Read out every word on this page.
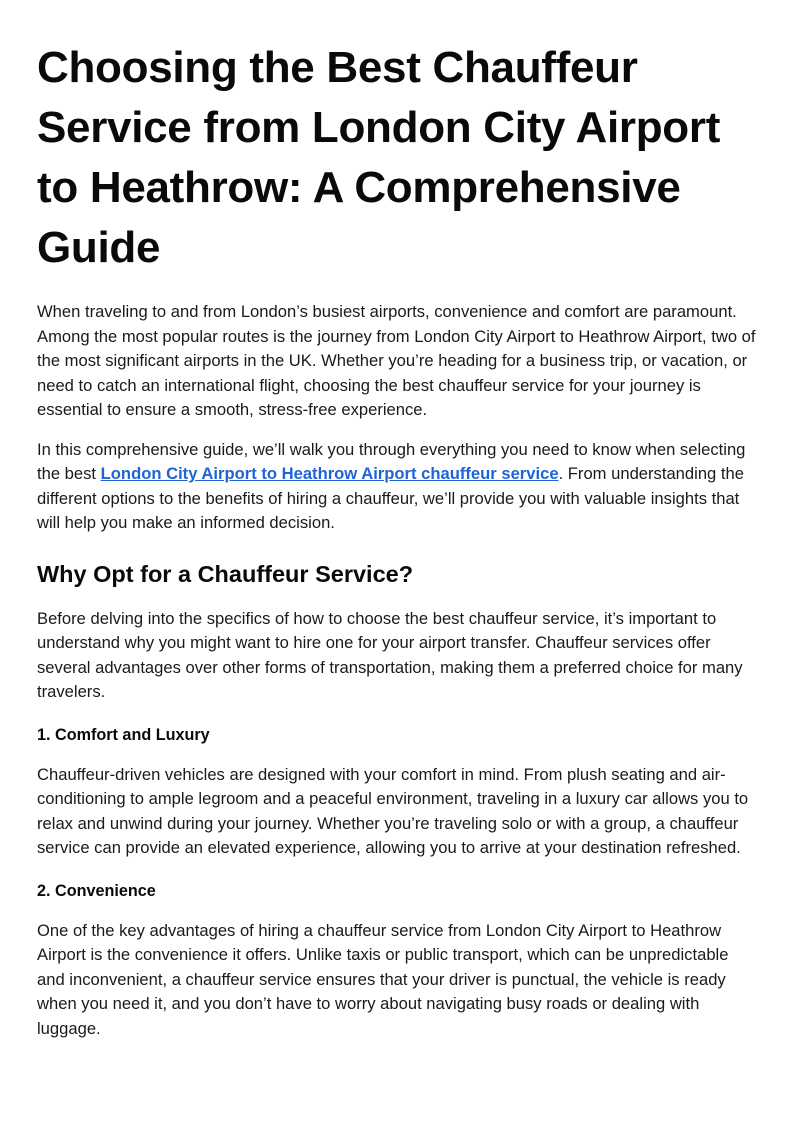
Choosing the Best Chauffeur Service from London City Airport to Heathrow: A Comprehensive Guide

When traveling to and from London’s busiest airports, convenience and comfort are paramount. Among the most popular routes is the journey from London City Airport to Heathrow Airport, two of the most significant airports in the UK. Whether you’re heading for a business trip, or vacation, or need to catch an international flight, choosing the best chauffeur service for your journey is essential to ensure a smooth, stress-free experience.

In this comprehensive guide, we’ll walk you through everything you need to know when selecting the best London City Airport to Heathrow Airport chauffeur service. From understanding the different options to the benefits of hiring a chauffeur, we’ll provide you with valuable insights that will help you make an informed decision.

Why Opt for a Chauffeur Service?

Before delving into the specifics of how to choose the best chauffeur service, it’s important to understand why you might want to hire one for your airport transfer. Chauffeur services offer several advantages over other forms of transportation, making them a preferred choice for many travelers.

1. Comfort and Luxury

Chauffeur-driven vehicles are designed with your comfort in mind. From plush seating and air-conditioning to ample legroom and a peaceful environment, traveling in a luxury car allows you to relax and unwind during your journey. Whether you’re traveling solo or with a group, a chauffeur service can provide an elevated experience, allowing you to arrive at your destination refreshed.

2. Convenience

One of the key advantages of hiring a chauffeur service from London City Airport to Heathrow Airport is the convenience it offers. Unlike taxis or public transport, which can be unpredictable and inconvenient, a chauffeur service ensures that your driver is punctual, the vehicle is ready when you need it, and you don’t have to worry about navigating busy roads or dealing with luggage.
